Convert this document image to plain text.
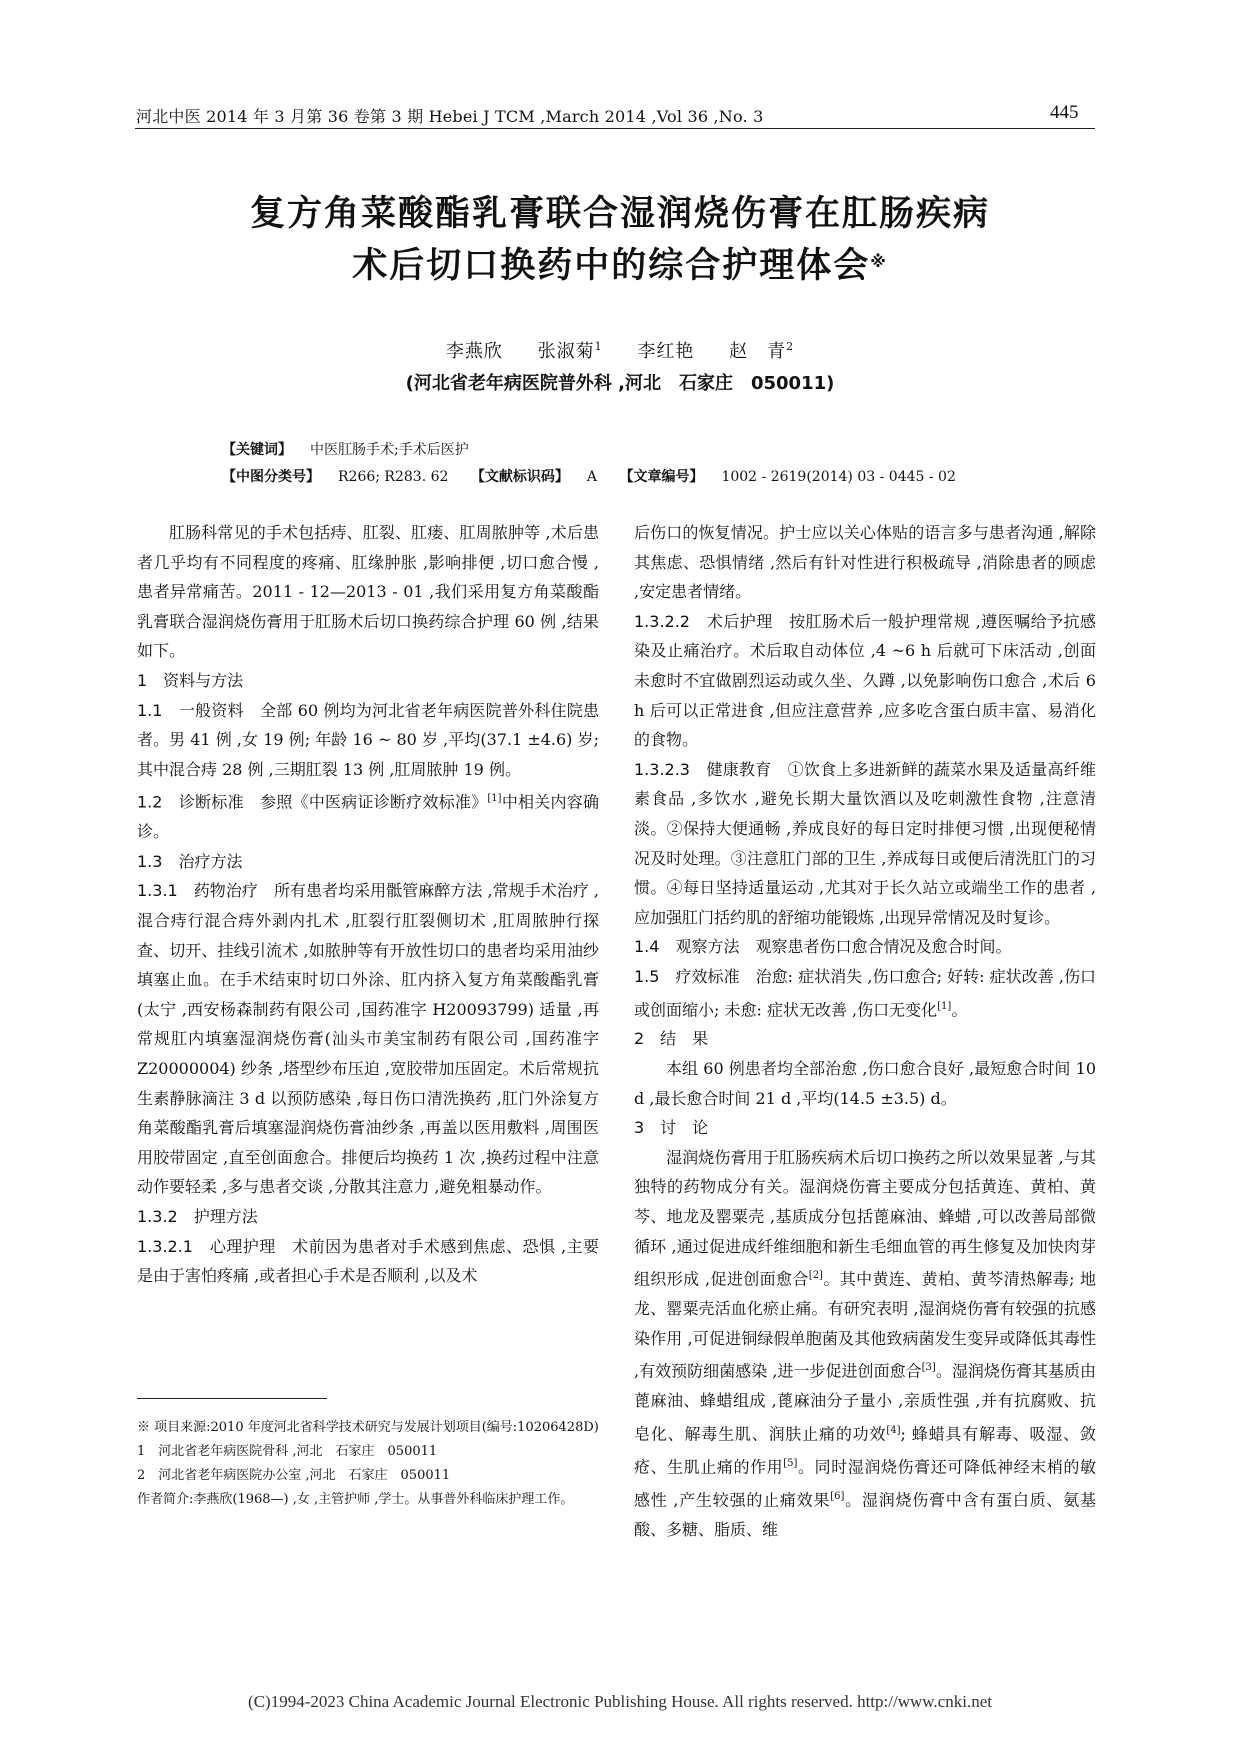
河北中医 2014 年 3 月第 36 卷第 3 期 Hebei J TCM ,March 2014 ,Vol 36 ,No. 3	445
复方角菜酸酯乳膏联合湿润烧伤膏在肛肠疾病
术后切口换药中的综合护理体会※
李燕欣 张淑菊$^1$ 李红艳 赵　青$^2$
(河北省老年病医院普外科 ,河北　石家庄　050011)
【关键词】 中医肛肠手术;手术后医护
【中图分类号】 R266; R283. 62 【文献标识码】 A 【文章编号】 1002 - 2619(2014) 03 - 0445 - 02

肛肠科常见的手术包括痔、肛裂、肛瘘、肛周脓肿等 ,术后患者几乎均有不同程度的疼痛、肛缘肿胀 ,影响排便 ,切口愈合慢 ,患者异常痛苦。2011 - 12—2013 - 01 ,我们采用复方角菜酸酯乳膏联合湿润烧伤膏用于肛肠术后切口换药综合护理 60 例 ,结果如下。

1　资料与方法

1.1　一般资料　 全部 60 例均为河北省老年病医院普外科住院患者。男 41 例 ,女 19 例; 年龄 16 ~ 80 岁 ,平均(37.1 ±4.6) 岁; 其中混合痔 28 例 ,三期肛裂 13 例 ,肛周脓肿 19 例。

1.2　诊断标准　 参照《中医病证诊断疗效标准》[1]中相关内容确诊。

1.3　治疗方法

1.3.1　药物治疗　 所有患者均采用骶管麻醉方法 ,常规手术治疗 ,混合痔行混合痔外剥内扎术 ,肛裂行肛裂侧切术 ,肛周脓肿行探查、切开、挂线引流术 ,如脓肿等有开放性切口的患者均采用油纱填塞止血。在手术结束时切口外涂、肛内挤入复方角菜酸酯乳膏(太宁 ,西安杨森制药有限公司 ,国药准字 H20093799) 适量 ,再常规肛内填塞湿润烧伤膏(汕头市美宝制药有限公司 ,国药准字 Z20000004) 纱条 ,塔型纱布压迫 ,宽胶带加压固定。术后常规抗生素静脉滴注 3 d 以预防感染 ,每日伤口清洗换药 ,肛门外涂复方角菜酸酯乳膏后填塞湿润烧伤膏油纱条 ,再盖以医用敷料 ,周围医用胶带固定 ,直至创面愈合。排便后均换药 1 次 ,换药过程中注意动作要轻柔 ,多与患者交谈 ,分散其注意力 ,避免粗暴动作。

1.3.2　护理方法

1.3.2.1　心理护理　 术前因为患者对手术感到焦虑、恐惧 ,主要是由于害怕疼痛 ,或者担心手术是否顺利 ,以及术

※ 项目来源:2010 年度河北省科学技术研究与发展计划项目(编号:10206428D)

1　河北省老年病医院骨科 ,河北　石家庄　050011

2　河北省老年病医院办公室 ,河北　石家庄　050011

作者简介:李燕欣(1968—) ,女 ,主管护师 ,学士。从事普外科临床护理工作。

后伤口的恢复情况。护士应以关心体贴的语言多与患者沟通 ,解除其焦虑、恐惧情绪 ,然后有针对性进行积极疏导 ,消除患者的顾虑 ,安定患者情绪。

1.3.2.2　术后护理　 按肛肠术后一般护理常规 ,遵医嘱给予抗感染及止痛治疗。术后取自动体位 ,4 ~6 h 后就可下床活动 ,创面未愈时不宜做剧烈运动或久坐、久蹲 ,以免影响伤口愈合 ,术后 6 h 后可以正常进食 ,但应注意营养 ,应多吃含蛋白质丰富、易消化的食物。

1.3.2.3　健康教育　 ①饮食上多进新鲜的蔬菜水果及适量高纤维素食品 ,多饮水 ,避免长期大量饮酒以及吃刺激性食物 ,注意清淡。②保持大便通畅 ,养成良好的每日定时排便习惯 ,出现便秘情况及时处理。③注意肛门部的卫生 ,养成每日或便后清洗肛门的习惯。④每日坚持适量运动 ,尤其对于长久站立或端坐工作的患者 ,应加强肛门括约肌的舒缩功能锻炼 ,出现异常情况及时复诊。

1.4　观察方法　 观察患者伤口愈合情况及愈合时间。

1.5　疗效标准　 治愈: 症状消失 ,伤口愈合; 好转: 症状改善 ,伤口或创面缩小; 未愈: 症状无改善 ,伤口无变化[1]。

2　结　果

本组 60 例患者均全部治愈 ,伤口愈合良好 ,最短愈合时间 10 d ,最长愈合时间 21 d ,平均(14.5 ±3.5) d。

3　讨　论

湿润烧伤膏用于肛肠疾病术后切口换药之所以效果显著 ,与其独特的药物成分有关。湿润烧伤膏主要成分包括黄连、黄柏、黄芩、地龙及罂粟壳 ,基质成分包括蓖麻油、蜂蜡 ,可以改善局部微循环 ,通过促进成纤维细胞和新生毛细血管的再生修复及加快肉芽组织形成 ,促进创面愈合[2]。其中黄连、黄柏、黄芩清热解毒; 地龙、罂粟壳活血化瘀止痛。有研究表明 ,湿润烧伤膏有较强的抗感染作用 ,可促进铜绿假单胞菌及其他致病菌发生变异或降低其毒性 ,有效预防细菌感染 ,进一步促进创面愈合[3]。湿润烧伤膏其基质由蓖麻油、蜂蜡组成 ,蓖麻油分子量小 ,亲质性强 ,并有抗腐败、抗皂化、解毒生肌、润肤止痛的功效[4]; 蜂蜡具有解毒、吸湿、敛疮、生肌止痛的作用[5]。同时湿润烧伤膏还可降低神经末梢的敏感性 ,产生较强的止痛效果[6]。湿润烧伤膏中含有蛋白质、氨基酸、多糖、脂质、维

(C)1994-2023 China Academic Journal Electronic Publishing House. All rights reserved. http://www.cnki.net
